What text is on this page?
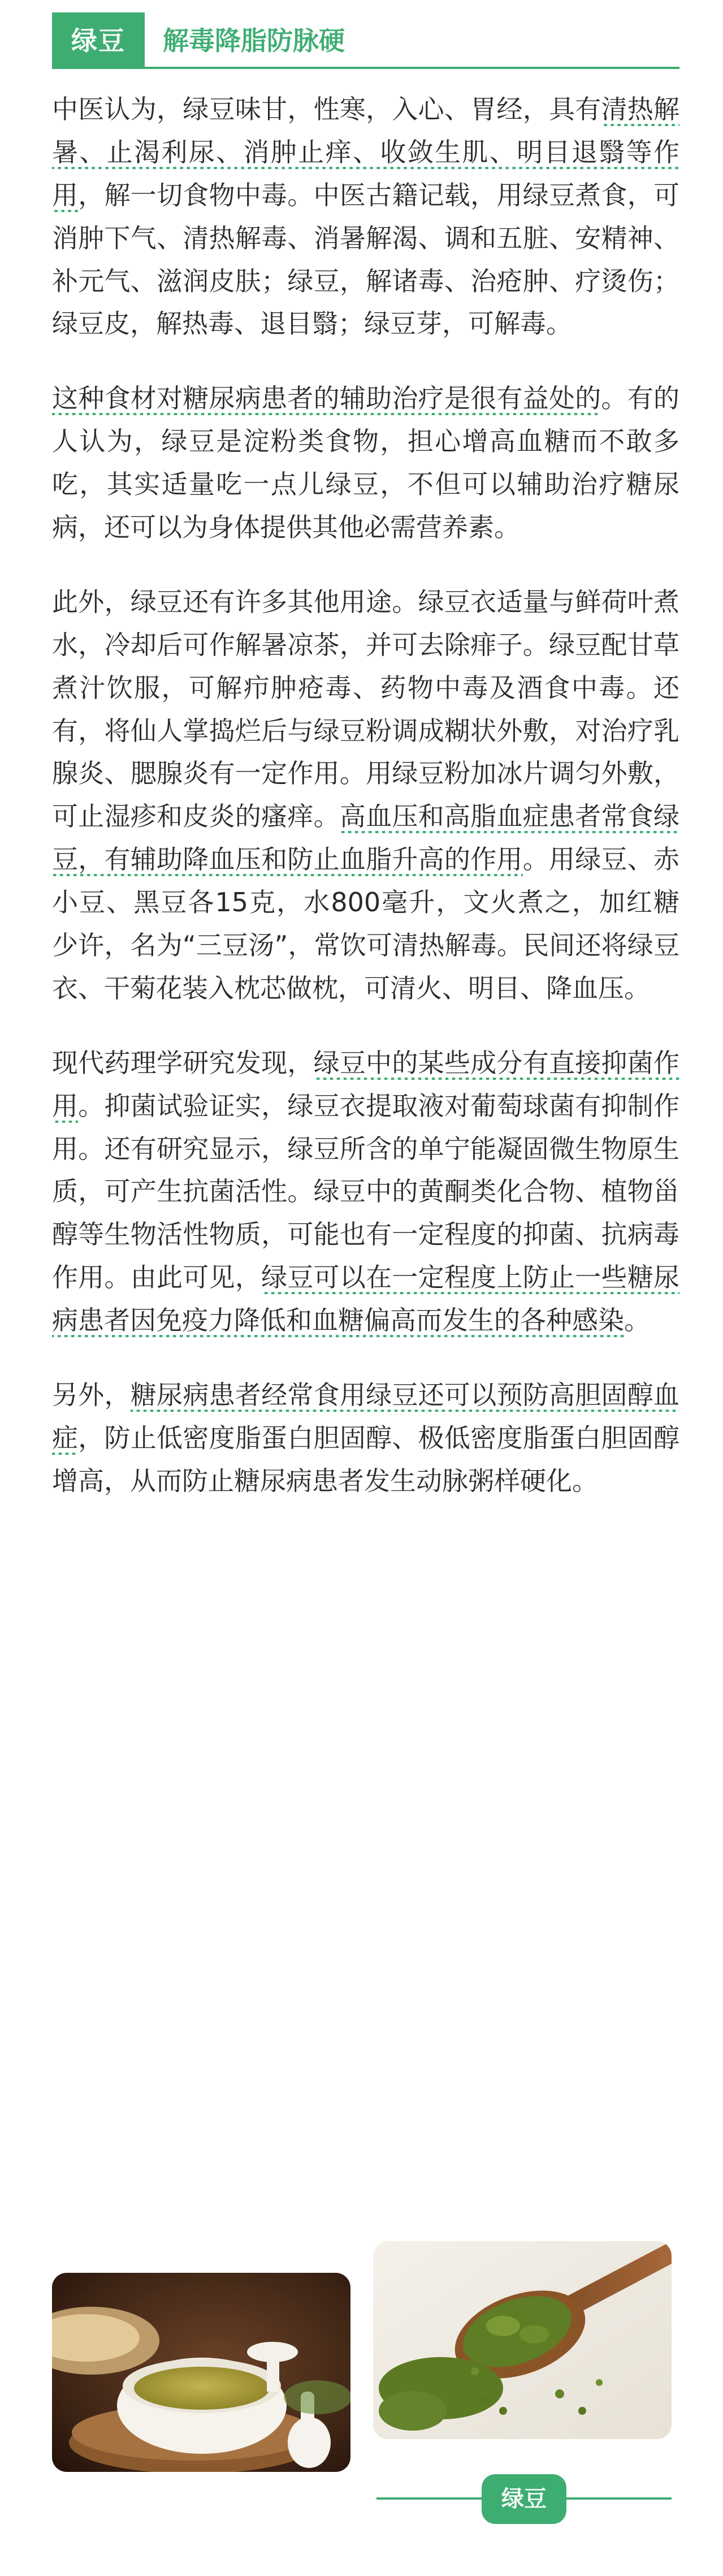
绿豆	解毒降脂防脉硬

中医认为，绿豆味甘，性寒，入心、胃经，具有清热解暑、止渴利尿、消肿止痒、收敛生肌、明目退翳等作用，解一切食物中毒。中医古籍记载，用绿豆煮食，可消肿下气、清热解毒、消暑解渴、调和五脏、安精神、补元气、滋润皮肤；绿豆，解诸毒、治疮肿、疗烫伤；绿豆皮，解热毒、退目翳；绿豆芽，可解毒。

这种食材对糖尿病患者的辅助治疗是很有益处的。有的人认为，绿豆是淀粉类食物，担心增高血糖而不敢多吃，其实适量吃一点儿绿豆，不但可以辅助治疗糖尿病，还可以为身体提供其他必需营养素。

此外，绿豆还有许多其他用途。绿豆衣适量与鲜荷叶煮水，冷却后可作解暑凉茶，并可去除痱子。绿豆配甘草煮汁饮服，可解疖肿疮毒、药物中毒及酒食中毒。还有，将仙人掌捣烂后与绿豆粉调成糊状外敷，对治疗乳腺炎、腮腺炎有一定作用。用绿豆粉加冰片调匀外敷，可止湿疹和皮炎的瘙痒。高血压和高脂血症患者常食绿豆，有辅助降血压和防止血脂升高的作用。用绿豆、赤小豆、黑豆各15克，水800毫升，文火煮之，加红糖少许，名为“三豆汤”，常饮可清热解毒。民间还将绿豆衣、干菊花装入枕芯做枕，可清火、明目、降血压。

现代药理学研究发现，绿豆中的某些成分有直接抑菌作用。抑菌试验证实，绿豆衣提取液对葡萄球菌有抑制作用。还有研究显示，绿豆所含的单宁能凝固微生物原生质，可产生抗菌活性。绿豆中的黄酮类化合物、植物甾醇等生物活性物质，可能也有一定程度的抑菌、抗病毒作用。由此可见，绿豆可以在一定程度上防止一些糖尿病患者因免疫力降低和血糖偏高而发生的各种感染。

另外，糖尿病患者经常食用绿豆还可以预防高胆固醇血症，防止低密度脂蛋白胆固醇、极低密度脂蛋白胆固醇增高，从而防止糖尿病患者发生动脉粥样硬化。

绿豆
